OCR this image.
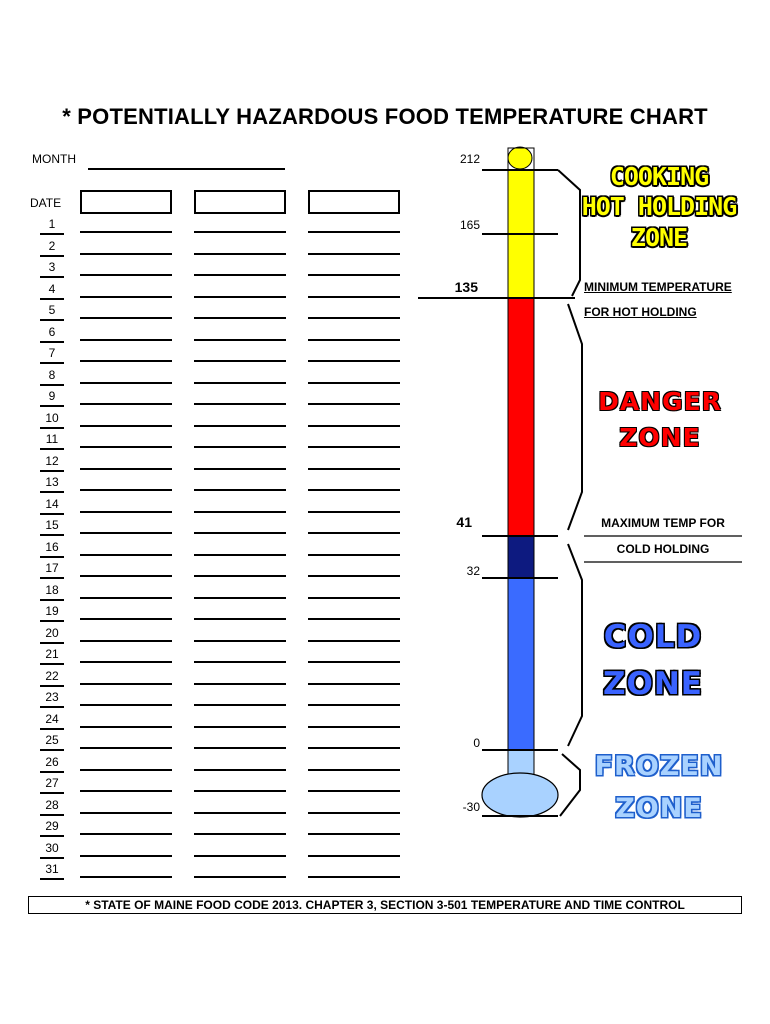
* POTENTIALLY HAZARDOUS FOOD TEMPERATURE CHART
MONTH
DATE
1
2
3
4
5
6
7
8
9
10
11
12
13
14
15
16
17
18
19
20
21
22
23
24
25
26
27
28
29
30
31
212
165
135
41
32
0
-30
COOKING
HOT HOLDING
ZONE
DANGER
ZONE
COLD
ZONE
FROZEN
ZONE
MINIMUM TEMPERATURE
FOR HOT HOLDING
MAXIMUM TEMP FOR
COLD HOLDING
* STATE OF MAINE FOOD CODE 2013. CHAPTER 3, SECTION 3-501 TEMPERATURE AND TIME CONTROL
